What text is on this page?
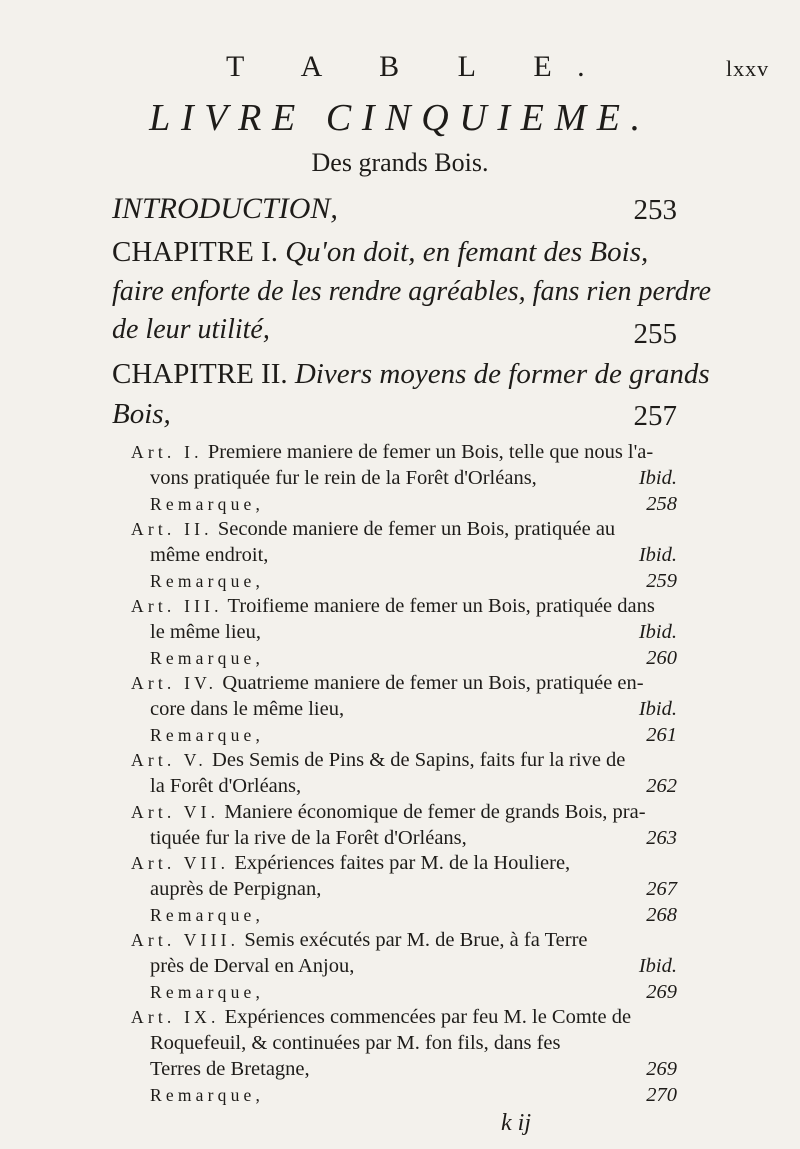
T A B L E.	lxxv
LIVRE CINQUIEME.
Des grands Bois.
INTRODUCTION,	253
CHAPITRE I. Qu'on doit, en femant des Bois,
faire enforte de les rendre agréables, fans rien perdre
de leur utilité,	255
CHAPITRE II. Divers moyens de former de grands
Bois,	257
Art. I. Premiere maniere de femer un Bois, telle que nous l'a-
vons pratiquée fur le rein de la Forêt d'Orléans,	Ibid.
Remarque,	258
Art. II. Seconde maniere de femer un Bois, pratiquée au
même endroit,	Ibid.
Remarque,	259
Art. III. Troifieme maniere de femer un Bois, pratiquée dans
le même lieu,	Ibid.
Remarque,	260
Art. IV. Quatrieme maniere de femer un Bois, pratiquée en-
core dans le même lieu,	Ibid.
Remarque,	261
Art. V. Des Semis de Pins & de Sapins, faits fur la rive de
la Forêt d'Orléans,	262
Art. VI. Maniere économique de femer de grands Bois, pra-
tiquée fur la rive de la Forêt d'Orléans,	263
Art. VII. Expériences faites par M. de la Houliere,
auprès de Perpignan,	267
Remarque,	268
Art. VIII. Semis exécutés par M. de Brue, à fa Terre
près de Derval en Anjou,	Ibid.
Remarque,	269
Art. IX. Expériences commencées par feu M. le Comte de
Roquefeuil, & continuées par M. fon fils, dans fes
Terres de Bretagne,	269
Remarque,	270
k ij
